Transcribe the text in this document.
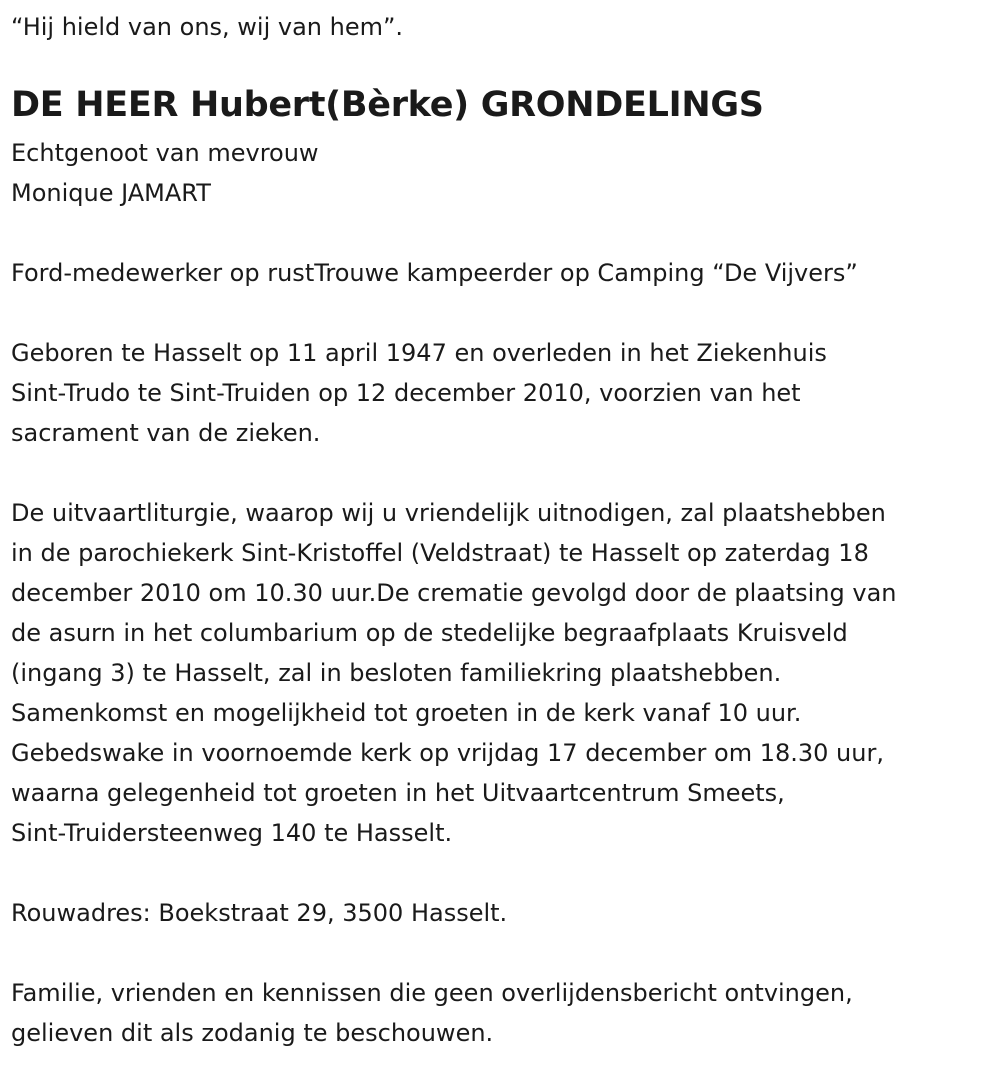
“Hij hield van ons, wij van hem”.
DE HEER Hubert(Bèrke) GRONDELINGS
Echtgenoot van mevrouw
Monique JAMART
Ford-medewerker op rustTrouwe kampeerder op Camping “De Vijvers”
Geboren te Hasselt op 11 april 1947 en overleden in het Ziekenhuis
Sint-Trudo te Sint-Truiden op 12 december 2010, voorzien van het
sacrament van de zieken.
De uitvaartliturgie, waarop wij u vriendelijk uitnodigen, zal plaatshebben
in de parochiekerk Sint-Kristoffel (Veldstraat) te Hasselt op zaterdag 18
december 2010 om 10.30 uur.De crematie gevolgd door de plaatsing van
de asurn in het columbarium op de stedelijke begraafplaats Kruisveld
(ingang 3) te Hasselt, zal in besloten familiekring plaatshebben.
Samenkomst en mogelijkheid tot groeten in de kerk vanaf 10 uur.
Gebedswake in voornoemde kerk op vrijdag 17 december om 18.30 uur,
waarna gelegenheid tot groeten in het Uitvaartcentrum Smeets,
Sint-Truidersteenweg 140 te Hasselt.
Rouwadres: Boekstraat 29, 3500 Hasselt.
Familie, vrienden en kennissen die geen overlijdensbericht ontvingen,
gelieven dit als zodanig te beschouwen.
